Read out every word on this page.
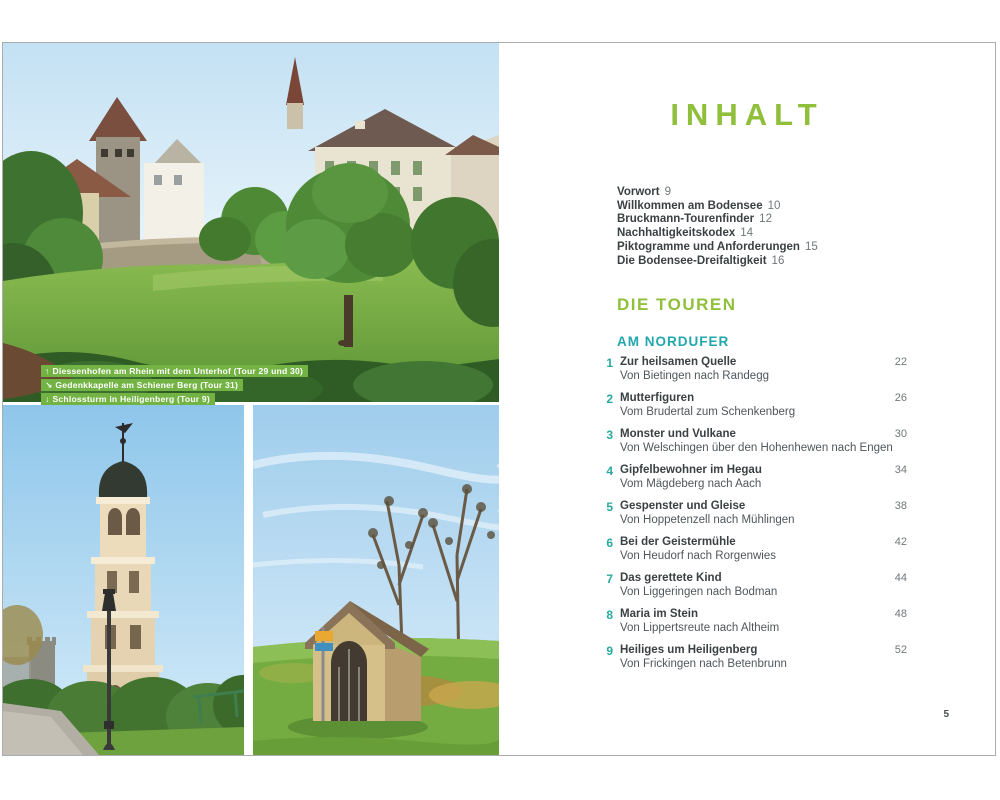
↑ Diessenhofen am Rhein mit dem Unterhof (Tour 29 und 30)
↘ Gedenkkapelle am Schiener Berg (Tour 31)
↓ Schlossturm in Heiligenberg (Tour 9)
INHALT
Vorwort 9
Willkommen am Bodensee 10
Bruckmann-Tourenfinder 12
Nachhaltigkeitskodex 14
Piktogramme und Anforderungen 15
Die Bodensee-Dreifaltigkeit 16
DIE TOUREN
AM NORDUFER
1 Zur heilsamen Quelle	22
Von Bietingen nach Randegg
2 Mutterfiguren	26
Vom Brudertal zum Schenkenberg
3 Monster und Vulkane	30
Von Welschingen über den Hohenhewen nach Engen
4 Gipfelbewohner im Hegau	34
Vom Mägdeberg nach Aach
5 Gespenster und Gleise	38
Von Hoppetenzell nach Mühlingen
6 Bei der Geistermühle	42
Von Heudorf nach Rorgenwies
7 Das gerettete Kind	44
Von Liggeringen nach Bodman
8 Maria im Stein	48
Von Lippertsreute nach Altheim
9 Heiliges um Heiligenberg	52
Von Frickingen nach Betenbrunn
5
